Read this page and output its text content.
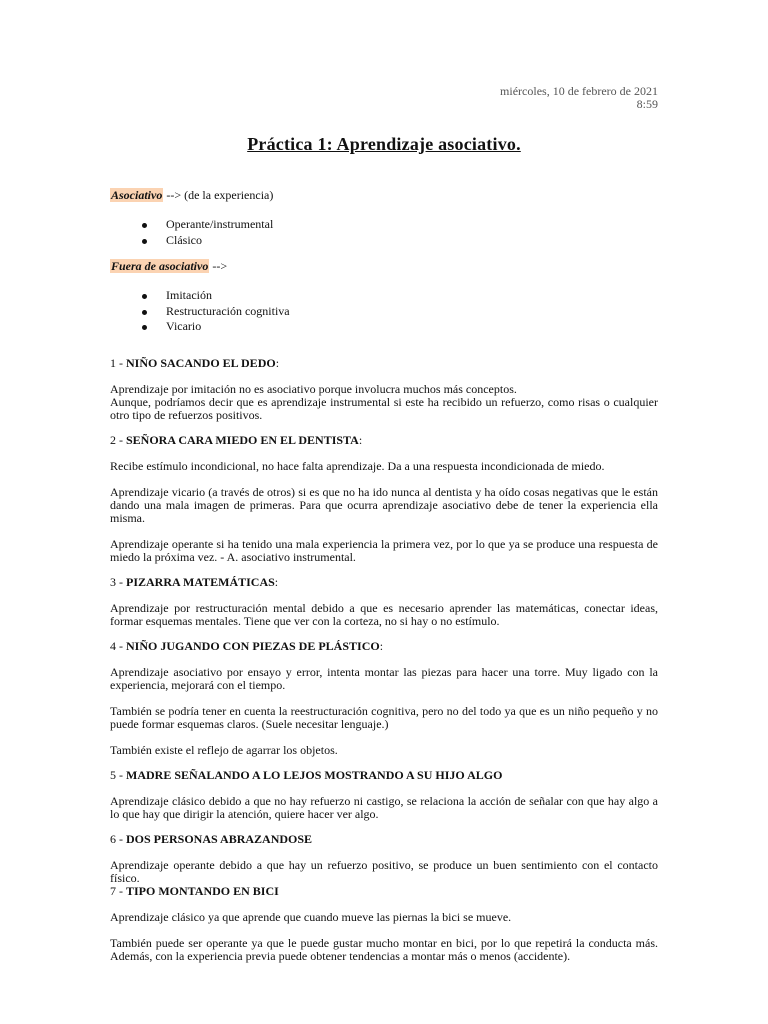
miércoles, 10 de febrero de 2021
8:59
Práctica 1: Aprendizaje asociativo.

Asociativo --> (de la experiencia)

Operante/instrumental
Clásico

Fuera de asociativo -->

Imitación
Restructuración cognitiva
Vicario

1 - NIÑO SACANDO EL DEDO:

Aprendizaje por imitación no es asociativo porque involucra muchos más conceptos.

Aunque, podríamos decir que es aprendizaje instrumental si este ha recibido un refuerzo, como risas o cualquier otro tipo de refuerzos positivos.

2 - SEÑORA CARA MIEDO EN EL DENTISTA:

Recibe estímulo incondicional, no hace falta aprendizaje. Da a una respuesta incondicionada de miedo.

Aprendizaje vicario (a través de otros) si es que no ha ido nunca al dentista y ha oído cosas negativas que le están dando una mala imagen de primeras. Para que ocurra aprendizaje asociativo debe de tener la experiencia ella misma.

Aprendizaje operante si ha tenido una mala experiencia la primera vez, por lo que ya se produce una respuesta de miedo la próxima vez. - A. asociativo instrumental.

3 - PIZARRA MATEMÁTICAS:

Aprendizaje por restructuración mental debido a que es necesario aprender las matemáticas, conectar ideas, formar esquemas mentales. Tiene que ver con la corteza, no si hay o no estímulo.

4 - NIÑO JUGANDO CON PIEZAS DE PLÁSTICO:

Aprendizaje asociativo por ensayo y error, intenta montar las piezas para hacer una torre. Muy ligado con la experiencia, mejorará con el tiempo.

También se podría tener en cuenta la reestructuración cognitiva, pero no del todo ya que es un niño pequeño y no puede formar esquemas claros. (Suele necesitar lenguaje.)

También existe el reflejo de agarrar los objetos.

5 - MADRE SEÑALANDO A LO LEJOS MOSTRANDO A SU HIJO ALGO

Aprendizaje clásico debido a que no hay refuerzo ni castigo, se relaciona la acción de señalar con que hay algo a lo que hay que dirigir la atención, quiere hacer ver algo.

6 - DOS PERSONAS ABRAZANDOSE

Aprendizaje operante debido a que hay un refuerzo positivo, se produce un buen sentimiento con el contacto físico.

7 - TIPO MONTANDO EN BICI

Aprendizaje clásico ya que aprende que cuando mueve las piernas la bici se mueve.

También puede ser operante ya que le puede gustar mucho montar en bici, por lo que repetirá la conducta más. Además, con la experiencia previa puede obtener tendencias a montar más o menos (accidente).
